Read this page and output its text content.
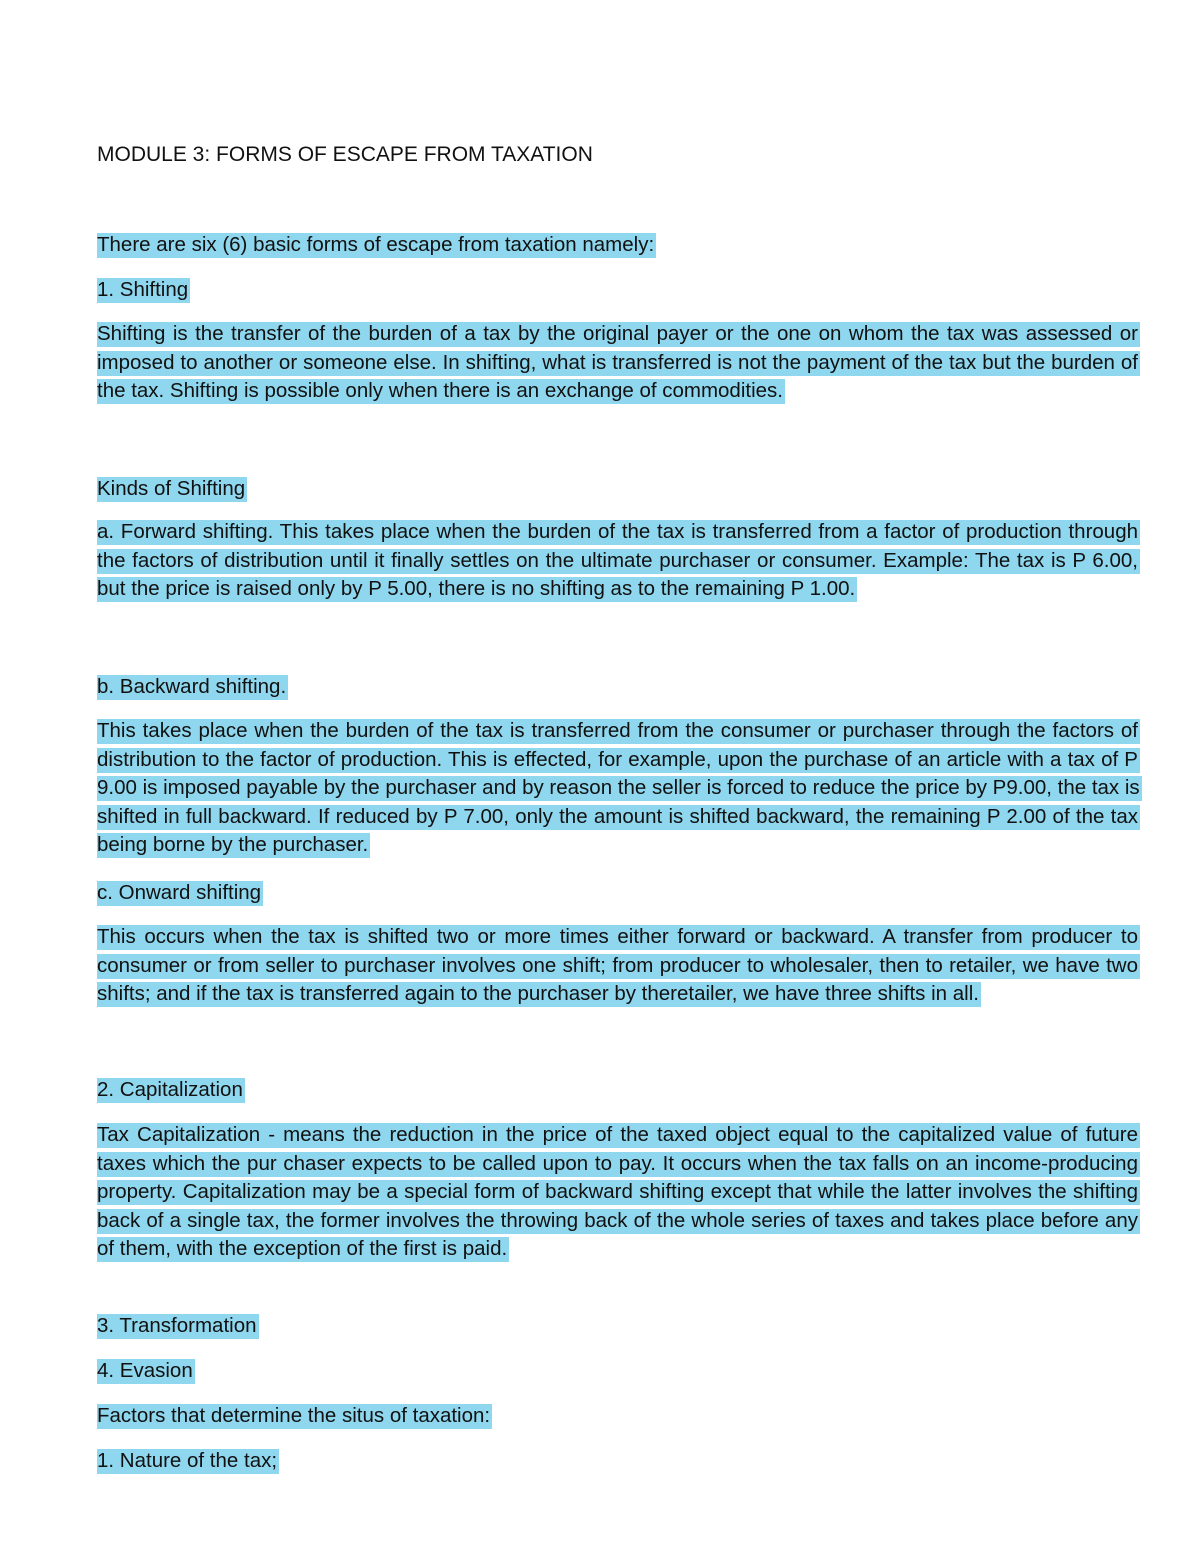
MODULE 3: FORMS OF ESCAPE FROM TAXATION
There are six (6) basic forms of escape from taxation namely:
1. Shifting
Shifting is the transfer of the burden of a tax by the original payer or the one on whom the tax was assessed or imposed to another or someone else. In shifting, what is transferred is not the payment of the tax but the burden of the tax. Shifting is possible only when there is an exchange of commodities.
Kinds of Shifting
a. Forward shifting. This takes place when the burden of the tax is transferred from a factor of production through the factors of distribution until it finally settles on the ultimate purchaser or consumer. Example: The tax is P 6.00, but the price is raised only by P 5.00, there is no shifting as to the remaining P 1.00.
b. Backward shifting.
This takes place when the burden of the tax is transferred from the consumer or purchaser through the factors of distribution to the factor of production. This is effected, for example, upon the purchase of an article with a tax of P 9.00 is imposed payable by the purchaser and by reason the seller is forced to reduce the price by P9.00, the tax is shifted in full backward. If reduced by P 7.00, only the amount is shifted backward, the remaining P 2.00 of the tax being borne by the purchaser.
c. Onward shifting
This occurs when the tax is shifted two or more times either forward or backward. A transfer from producer to consumer or from seller to purchaser involves one shift; from producer to wholesaler, then to retailer, we have two shifts; and if the tax is transferred again to the purchaser by theretailer, we have three shifts in all.
2. Capitalization
Tax Capitalization - means the reduction in the price of the taxed object equal to the capitalized value of future taxes which the pur chaser expects to be called upon to pay. It occurs when the tax falls on an income-producing property. Capitalization may be a special form of backward shifting except that while the latter involves the shifting back of a single tax, the former involves the throwing back of the whole series of taxes and takes place before any of them, with the exception of the first is paid.
3. Transformation
4. Evasion
Factors that determine the situs of taxation:
1. Nature of the tax;
